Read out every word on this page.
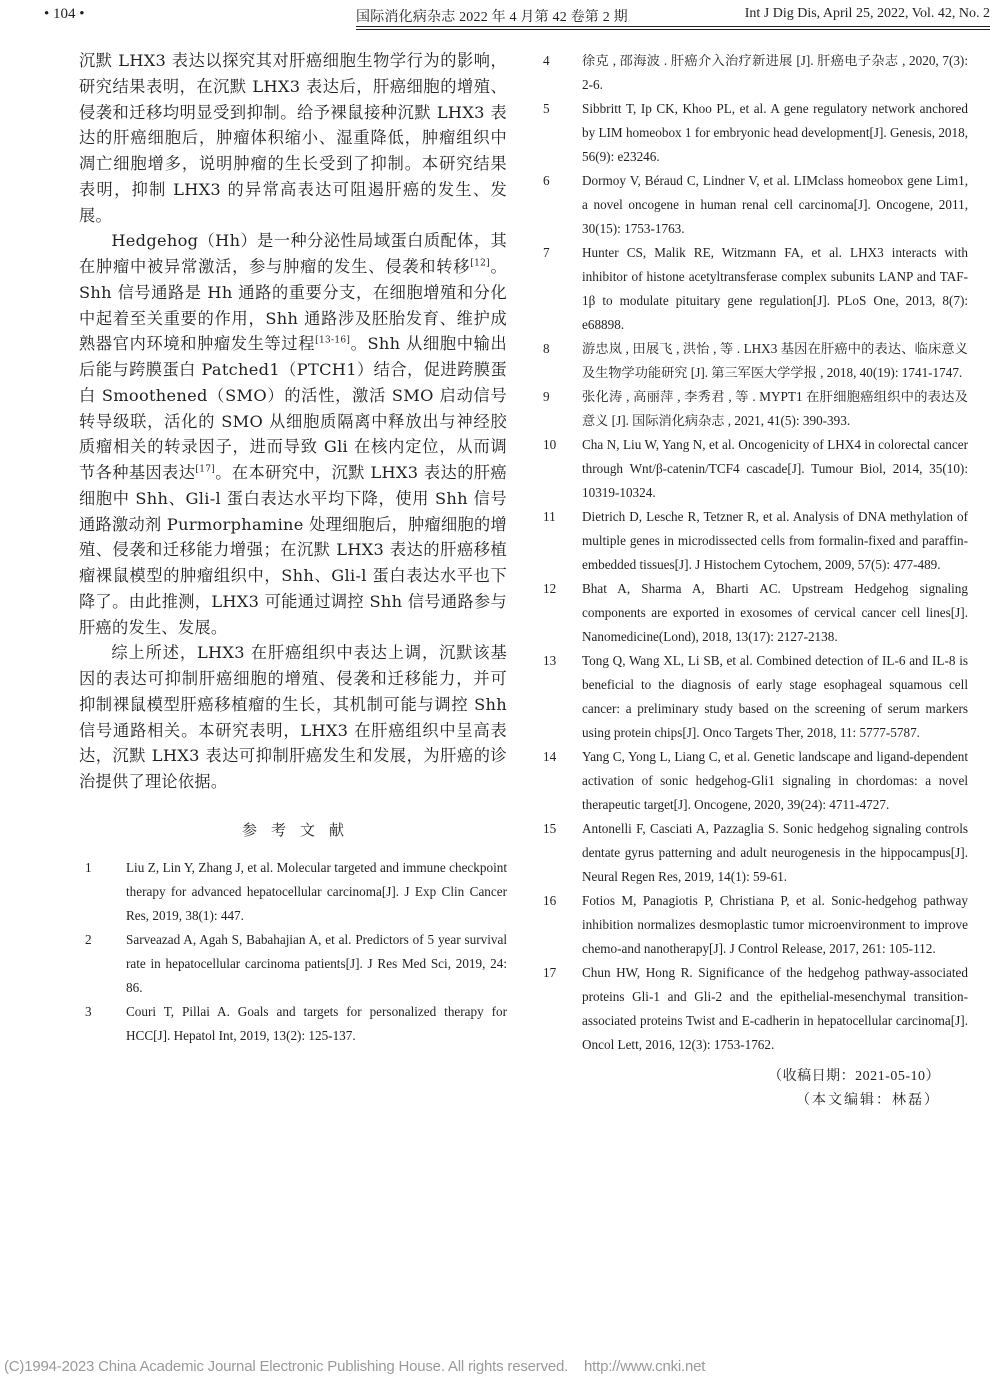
• 104 •	国际消化病杂志 2022 年 4 月第 42 卷第 2 期	Int J Dig Dis, April 25, 2022, Vol. 42, No. 2

沉默 LHX3 表达以探究其对肝癌细胞生物学行为的影响，研究结果表明，在沉默 LHX3 表达后，肝癌细胞的增殖、侵袭和迁移均明显受到抑制。给予裸鼠接种沉默 LHX3 表达的肝癌细胞后，肿瘤体积缩小、湿重降低，肿瘤组织中凋亡细胞增多，说明肿瘤的生长受到了抑制。本研究结果表明，抑制 LHX3 的异常高表达可阻遏肝癌的发生、发展。

Hedgehog（Hh）是一种分泌性局域蛋白质配体，其在肿瘤中被异常激活，参与肿瘤的发生、侵袭和转移[12]。Shh 信号通路是 Hh 通路的重要分支，在细胞增殖和分化中起着至关重要的作用，Shh 通路涉及胚胎发育、维护成熟器官内环境和肿瘤发生等过程[13-16]。Shh 从细胞中输出后能与跨膜蛋白 Patched1（PTCH1）结合，促进跨膜蛋白 Smoothened（SMO）的活性，激活 SMO 启动信号转导级联，活化的 SMO 从细胞质隔离中释放出与神经胶质瘤相关的转录因子，进而导致 Gli 在核内定位，从而调节各种基因表达[17]。在本研究中，沉默 LHX3 表达的肝癌细胞中 Shh、Gli-l 蛋白表达水平均下降，使用 Shh 信号通路激动剂 Purmorphamine 处理细胞后，肿瘤细胞的增殖、侵袭和迁移能力增强；在沉默 LHX3 表达的肝癌移植瘤裸鼠模型的肿瘤组织中，Shh、Gli-l 蛋白表达水平也下降了。由此推测，LHX3 可能通过调控 Shh 信号通路参与肝癌的发生、发展。

综上所述，LHX3 在肝癌组织中表达上调，沉默该基因的表达可抑制肝癌细胞的增殖、侵袭和迁移能力，并可抑制裸鼠模型肝癌移植瘤的生长，其机制可能与调控 Shh 信号通路相关。本研究表明，LHX3 在肝癌组织中呈高表达，沉默 LHX3 表达可抑制肝癌发生和发展，为肝癌的诊治提供了理论依据。

参考文献
1	Liu Z, Lin Y, Zhang J, et al. Molecular targeted and immune checkpoint therapy for advanced hepatocellular carcinoma[J]. J Exp Clin Cancer Res, 2019, 38(1): 447.
2	Sarveazad A, Agah S, Babahajian A, et al. Predictors of 5 year survival rate in hepatocellular carcinoma patients[J]. J Res Med Sci, 2019, 24: 86.
3	Couri T, Pillai A. Goals and targets for personalized therapy for HCC[J]. Hepatol Int, 2019, 13(2): 125-137.
4	徐克 , 邵海波 . 肝癌介入治疗新进展 [J]. 肝癌电子杂志 , 2020, 7(3): 2-6.
5	Sibbritt T, Ip CK, Khoo PL, et al. A gene regulatory network anchored by LIM homeobox 1 for embryonic head development[J]. Genesis, 2018, 56(9): e23246.
6	Dormoy V, Béraud C, Lindner V, et al. LIMclass homeobox gene Lim1, a novel oncogene in human renal cell carcinoma[J]. Oncogene, 2011, 30(15): 1753-1763.
7	Hunter CS, Malik RE, Witzmann FA, et al. LHX3 interacts with inhibitor of histone acetyltransferase complex subunits LANP and TAF-1β to modulate pituitary gene regulation[J]. PLoS One, 2013, 8(7): e68898.
8	游忠岚 , 田展飞 , 洪怡 , 等 . LHX3 基因在肝癌中的表达、临床意义及生物学功能研究 [J]. 第三军医大学学报 , 2018, 40(19): 1741-1747.
9	张化涛 , 高丽萍 , 李秀君 , 等 . MYPT1 在肝细胞癌组织中的表达及意义 [J]. 国际消化病杂志 , 2021, 41(5): 390-393.
10	Cha N, Liu W, Yang N, et al. Oncogenicity of LHX4 in colorectal cancer through Wnt/β-catenin/TCF4 cascade[J]. Tumour Biol, 2014, 35(10): 10319-10324.
11	Dietrich D, Lesche R, Tetzner R, et al. Analysis of DNA methylation of multiple genes in microdissected cells from formalin-fixed and paraffin-embedded tissues[J]. J Histochem Cytochem, 2009, 57(5): 477-489.
12	Bhat A, Sharma A, Bharti AC. Upstream Hedgehog signaling components are exported in exosomes of cervical cancer cell lines[J]. Nanomedicine(Lond), 2018, 13(17): 2127-2138.
13	Tong Q, Wang XL, Li SB, et al. Combined detection of IL-6 and IL-8 is beneficial to the diagnosis of early stage esophageal squamous cell cancer: a preliminary study based on the screening of serum markers using protein chips[J]. Onco Targets Ther, 2018, 11: 5777-5787.
14	Yang C, Yong L, Liang C, et al. Genetic landscape and ligand-dependent activation of sonic hedgehog-Gli1 signaling in chordomas: a novel therapeutic target[J]. Oncogene, 2020, 39(24): 4711-4727.
15	Antonelli F, Casciati A, Pazzaglia S. Sonic hedgehog signaling controls dentate gyrus patterning and adult neurogenesis in the hippocampus[J]. Neural Regen Res, 2019, 14(1): 59-61.
16	Fotios M, Panagiotis P, Christiana P, et al. Sonic-hedgehog pathway inhibition normalizes desmoplastic tumor microenvironment to improve chemo-and nanotherapy[J]. J Control Release, 2017, 261: 105-112.
17	Chun HW, Hong R. Significance of the hedgehog pathway-associated proteins Gli-1 and Gli-2 and the epithelial-mesenchymal transition-associated proteins Twist and E-cadherin in hepatocellular carcinoma[J]. Oncol Lett, 2016, 12(3): 1753-1762.
（收稿日期：2021-05-10）
（本文编辑：林磊）
(C)1994-2023 China Academic Journal Electronic Publishing House. All rights reserved. http://www.cnki.net
